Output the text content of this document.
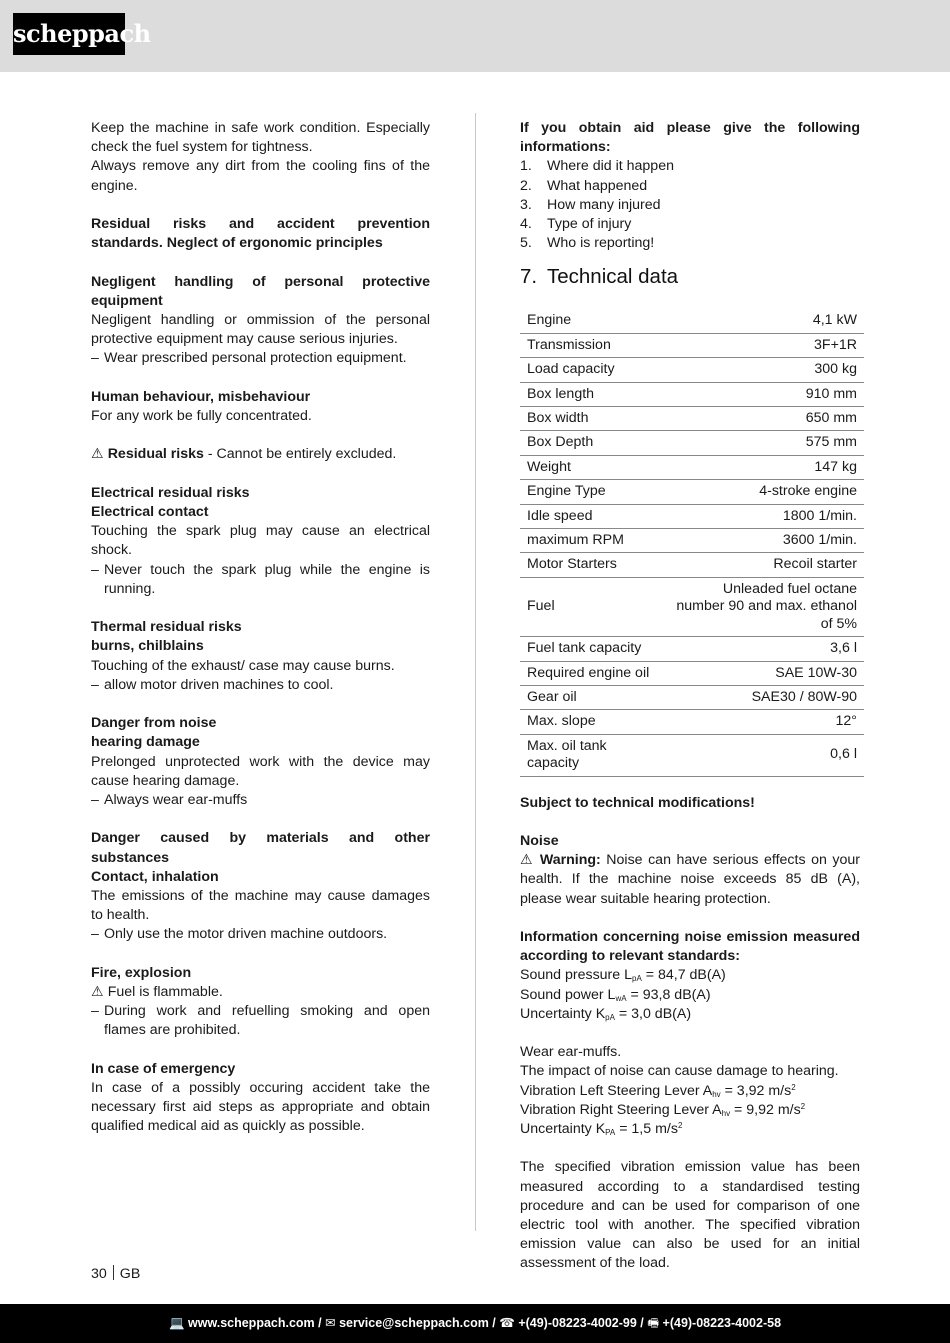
scheppach

Keep the machine in safe work condition. Especially check the fuel system for tightness.

Always remove any dirt from the cooling fins of the engine.

Residual risks and accident prevention standards. Neglect of ergonomic principles

Negligent handling of personal protective equipment

Negligent handling or ommission of the personal protective equipment may cause serious injuries.

– Wear prescribed personal protection equipment.

Human behaviour, misbehaviour

For any work be fully concentrated.

⚠ Residual risks - Cannot be entirely excluded.

Electrical residual risks

Electrical contact

Touching the spark plug may cause an electrical shock.

– Never touch the spark plug while the engine is running.

Thermal residual risks

burns, chilblains

Touching of the exhaust/ case may cause burns.

– allow motor driven machines to cool.

Danger from noise

hearing damage

Prelonged unprotected work with the device may cause hearing damage.

– Always wear ear-muffs

Danger caused by materials and other substances

Contact, inhalation

The emissions of the machine may cause damages to health.

– Only use the motor driven machine outdoors.

Fire, explosion

⚠ Fuel is flammable.

– During work and refuelling smoking and open flames are prohibited.

In case of emergency

In case of a possibly occuring accident take the necessary first aid steps as appropriate and obtain qualified medical aid as quickly as possible.

If you obtain aid please give the following informations:

1.	Where did it happen
2.	What happened
3.	How many injured
4.	Type of injury
5.	Who is reporting!
7. Technical data
Engine	4,1 kW
Transmission	3F+1R
Load capacity	300 kg
Box length	910 mm
Box width	650 mm
Box Depth	575 mm
Weight	147 kg
Engine Type	4-stroke engine
Idle speed	1800 1/min.
maximum RPM	3600 1/min.
Motor Starters	Recoil starter
Fuel	Unleaded fuel octane number 90 and max. ethanol of 5%
Fuel tank capacity	3,6 l
Required engine oil	SAE 10W-30
Gear oil	SAE30 / 80W-90
Max. slope	12°
Max. oil tank capacity	0,6 l

Subject to technical modifications!

Noise

⚠ Warning: Noise can have serious effects on your health. If the machine noise exceeds 85 dB (A), please wear suitable hearing protection.

Information concerning noise emission measured according to relevant standards:

Sound pressure $L_{pA} = 84,7$ dB(A)

Sound power $L_{wA} = 93,8$ dB(A)

Uncertainty $K_{pA} = 3,0$ dB(A)

Wear ear-muffs.

The impact of noise can cause damage to hearing.

Vibration Left Steering Lever $A_{hv} = 3,92$ $m/s^2$

Vibration Right Steering Lever $A_{hv} = 9,92$ $m/s^2$

Uncertainty $K_{PA} = 1,5$ $m/s^2$

The specified vibration emission value has been measured according to a standardised testing procedure and can be used for comparison of one electric tool with another. The specified vibration emission value can also be used for an initial assessment of the load.

30 GB
💻 www.scheppach.com / ✉ service@scheppach.com / ☎ +(49)-08223-4002-99 / 🖷 +(49)-08223-4002-58
